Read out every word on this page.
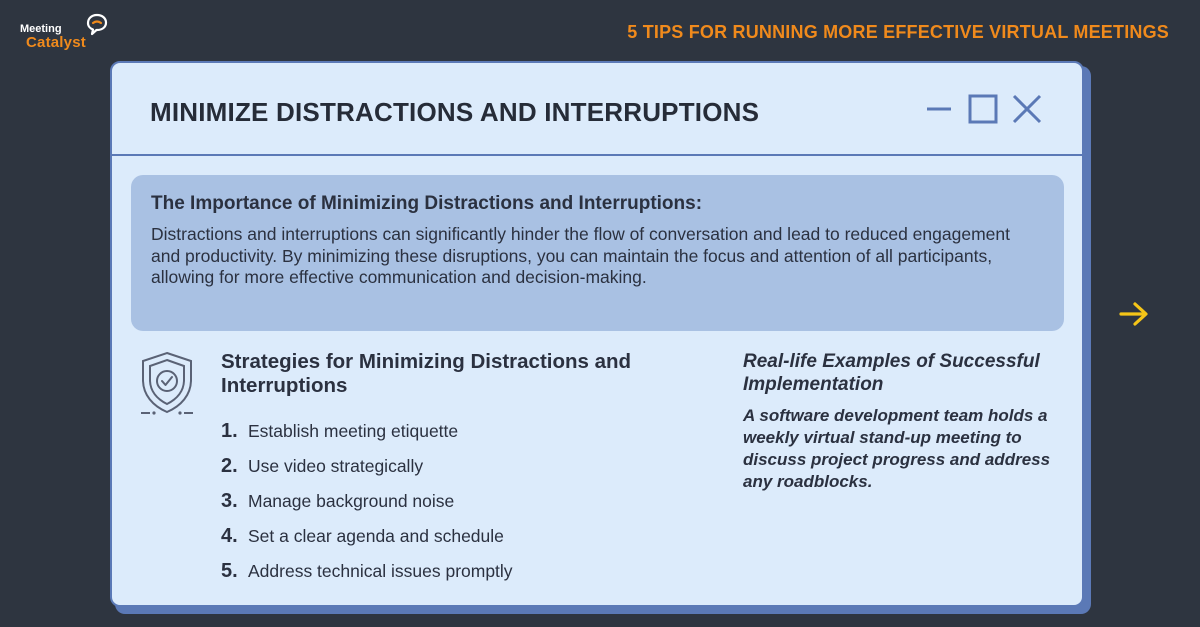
Meeting
Catalyst
5 TIPS FOR RUNNING MORE EFFECTIVE VIRTUAL MEETINGS
MINIMIZE DISTRACTIONS AND INTERRUPTIONS
The Importance of Minimizing Distractions and Interruptions:
Distractions and interruptions can significantly hinder the flow of conversation and lead to reduced engagement and productivity. By minimizing these disruptions, you can maintain the focus and attention of all participants, allowing for more effective communication and decision-making.
Strategies for Minimizing Distractions and Interruptions
1. Establish meeting etiquette
2. Use video strategically
3. Manage background noise
4. Set a clear agenda and schedule
5. Address technical issues promptly
Real-life Examples of Successful Implementation
A software development team holds a weekly virtual stand-up meeting to discuss project progress and address any roadblocks.
